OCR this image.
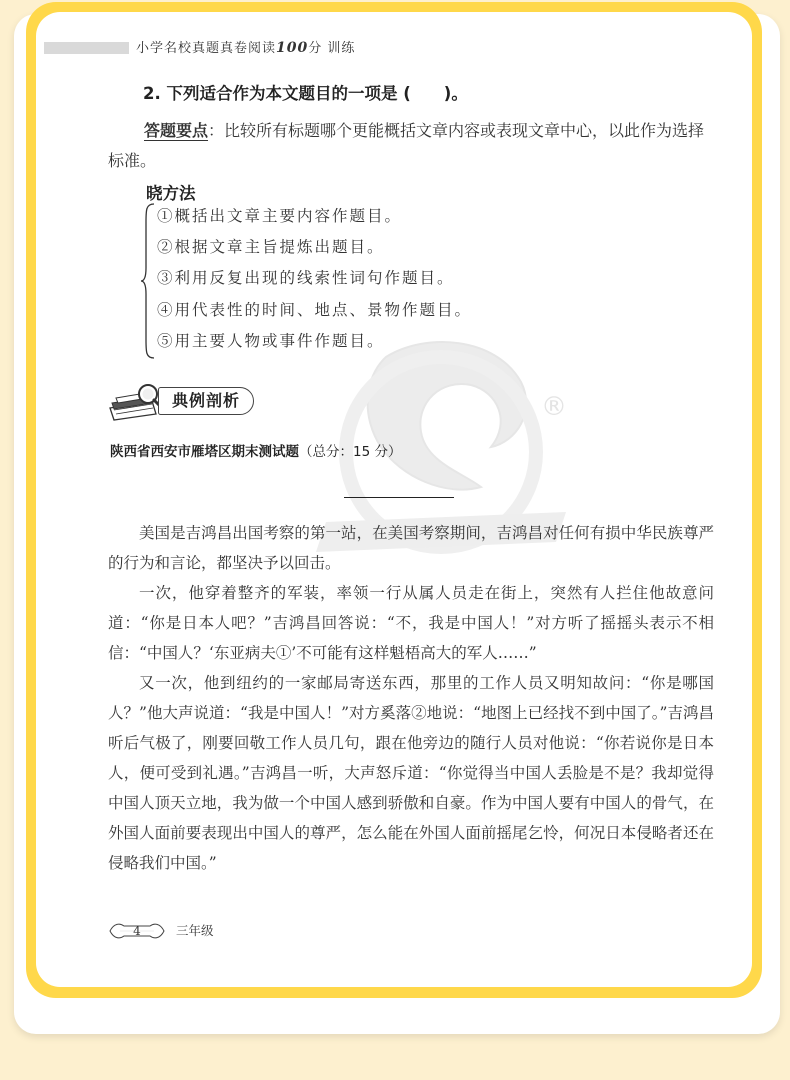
®
小学名校真题真卷阅读100分 训练
2. 下列适合作为本文题目的一项是 (　　)。
答题要点：比较所有标题哪个更能概括文章内容或表现文章中心，以此作为选择标准。
晓方法
①概括出文章主要内容作题目。
②根据文章主旨提炼出题目。
③利用反复出现的线索性词句作题目。
④用代表性的时间、地点、景物作题目。
⑤用主要人物或事件作题目。
典例剖析
陕西省西安市雁塔区期末测试题（总分：15 分）

美国是吉鸿昌出国考察的第一站，在美国考察期间，吉鸿昌对任何有损中华民族尊严的行为和言论，都坚决予以回击。

一次，他穿着整齐的军装，率领一行从属人员走在街上，突然有人拦住他故意问道：“你是日本人吧？”吉鸿昌回答说：“不，我是中国人！”对方听了摇摇头表示不相信：“中国人？‘东亚病夫①’不可能有这样魁梧高大的军人……”

又一次，他到纽约的一家邮局寄送东西，那里的工作人员又明知故问：“你是哪国人？”他大声说道：“我是中国人！”对方奚落②地说：“地图上已经找不到中国了。”吉鸿昌听后气极了，刚要回敬工作人员几句，跟在他旁边的随行人员对他说：“你若说你是日本人，便可受到礼遇。”吉鸿昌一听，大声怒斥道：“你觉得当中国人丢脸是不是？我却觉得中国人顶天立地，我为做一个中国人感到骄傲和自豪。作为中国人要有中国人的骨气，在外国人面前要表现出中国人的尊严，怎么能在外国人面前摇尾乞怜，何况日本侵略者还在侵略我们中国。”

4	三年级
